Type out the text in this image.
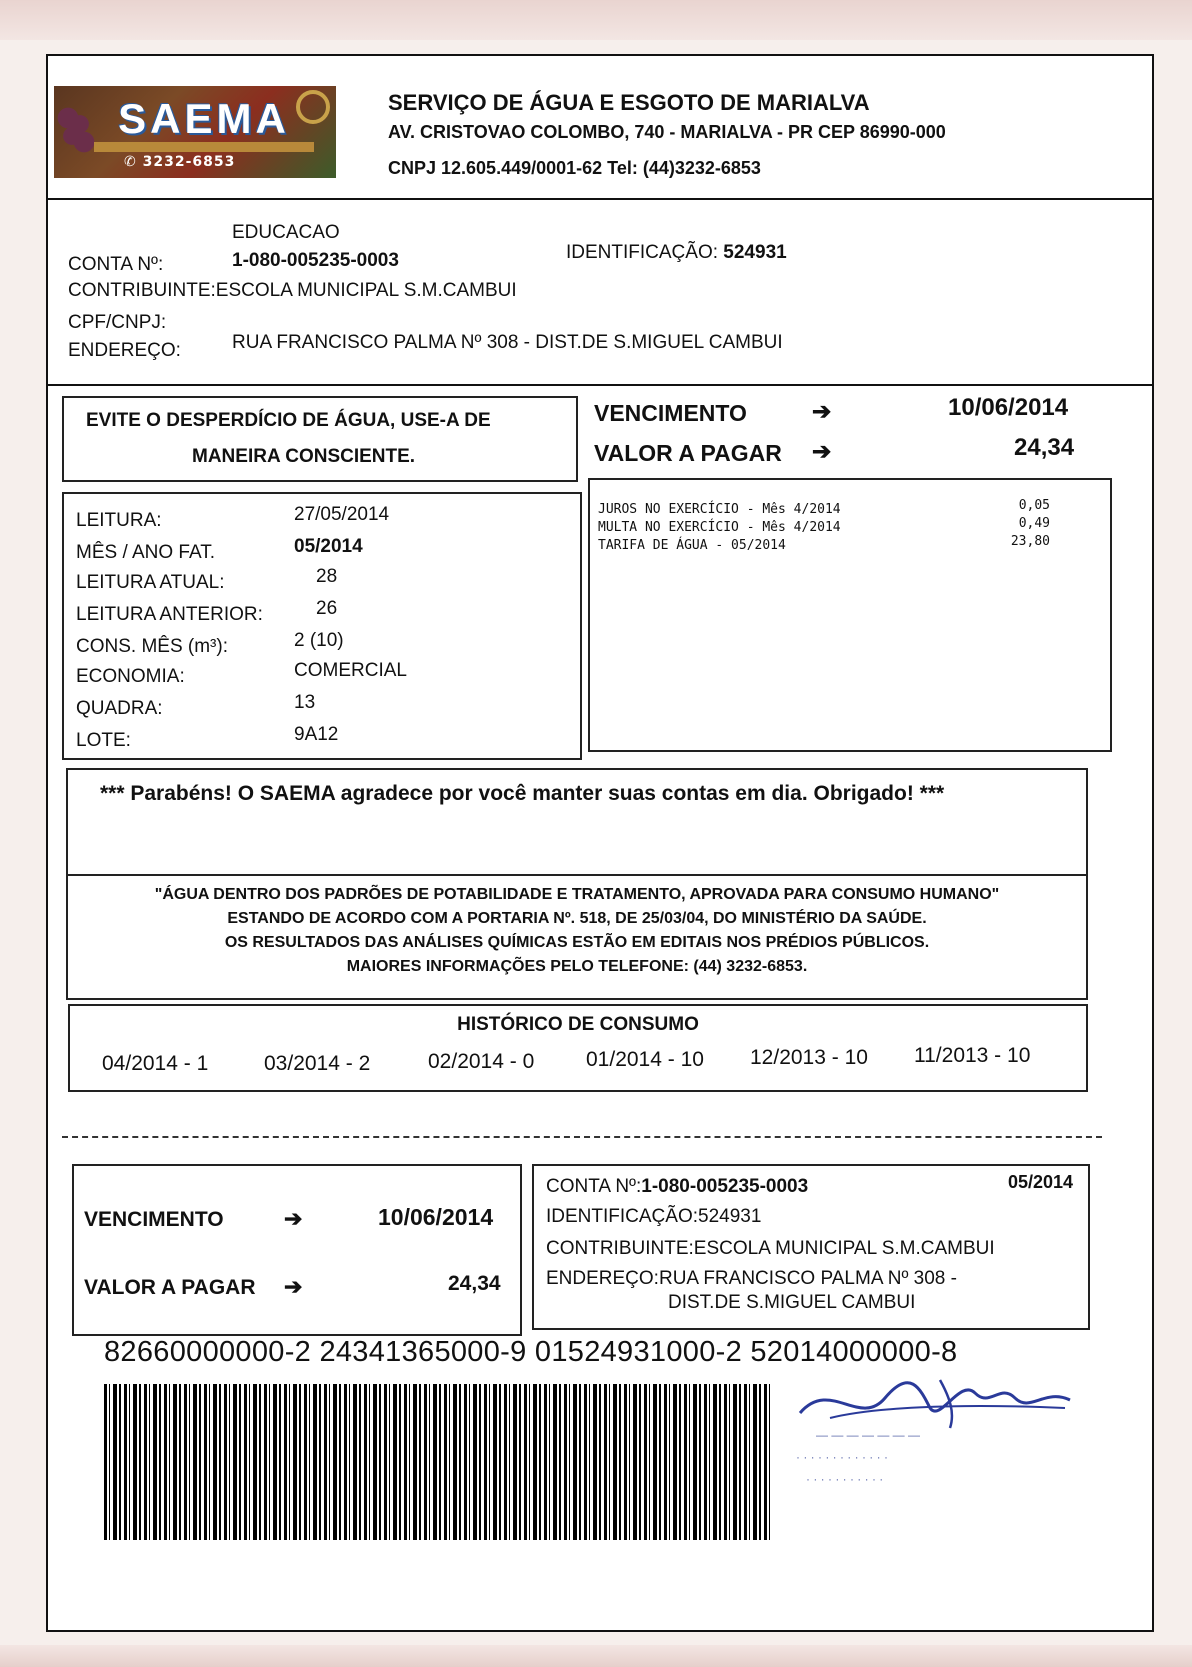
SAEMA
✆ 3232-6853
SERVIÇO DE ÁGUA E ESGOTO DE MARIALVA
AV. CRISTOVAO COLOMBO, 740 - MARIALVA - PR CEP 86990-000
CNPJ 12.605.449/0001-62 Tel: (44)3232-6853
EDUCACAO
CONTA Nº:	1-080-005235-0003	IDENTIFICAÇÃO: 524931
CONTRIBUINTE:ESCOLA MUNICIPAL S.M.CAMBUI
CPF/CNPJ:
ENDEREÇO:	RUA FRANCISCO PALMA Nº 308 - DIST.DE S.MIGUEL CAMBUI
EVITE O DESPERDÍCIO DE ÁGUA, USE-A DE
MANEIRA CONSCIENTE.
VENCIMENTO	➔	10/06/2014
VALOR A PAGAR ➔	24,34
LEITURA:	27/05/2014
MÊS / ANO FAT.	05/2014
LEITURA ATUAL:	28
LEITURA ANTERIOR:	26
CONS. MÊS (m³):	2 (10)
ECONOMIA:	COMERCIAL
QUADRA:	13
LOTE:	9A12
JUROS NO EXERCÍCIO - Mês 4/2014	0,05
MULTA NO EXERCÍCIO - Mês 4/2014	0,49
TARIFA DE ÁGUA - 05/2014	23,80
*** Parabéns! O SAEMA agradece por você manter suas contas em dia. Obrigado! ***
"ÁGUA DENTRO DOS PADRÕES DE POTABILIDADE E TRATAMENTO, APROVADA PARA CONSUMO HUMANO"
ESTANDO DE ACORDO COM A PORTARIA Nº. 518, DE 25/03/04, DO MINISTÉRIO DA SAÚDE.
OS RESULTADOS DAS ANÁLISES QUÍMICAS ESTÃO EM EDITAIS NOS PRÉDIOS PÚBLICOS.
MAIORES INFORMAÇÕES PELO TELEFONE: (44) 3232-6853.
HISTÓRICO DE CONSUMO
04/2014 - 1	03/2014 - 2	02/2014 - 0 01/2014 - 10 12/2013 - 10 11/2013 - 10
VENCIMENTO	➔	10/06/2014
VALOR A PAGAR ➔	24,34
CONTA Nº:1-080-005235-0003	05/2014
IDENTIFICAÇÃO:524931
CONTRIBUINTE:ESCOLA MUNICIPAL S.M.CAMBUI
ENDEREÇO:RUA FRANCISCO PALMA Nº 308 -
DIST.DE S.MIGUEL CAMBUI
82660000000-2 24341365000-9 01524931000-2 52014000000-8
— — — — — — —
· · · · · · · · · · · · ·
· · · · · · · · · · ·
